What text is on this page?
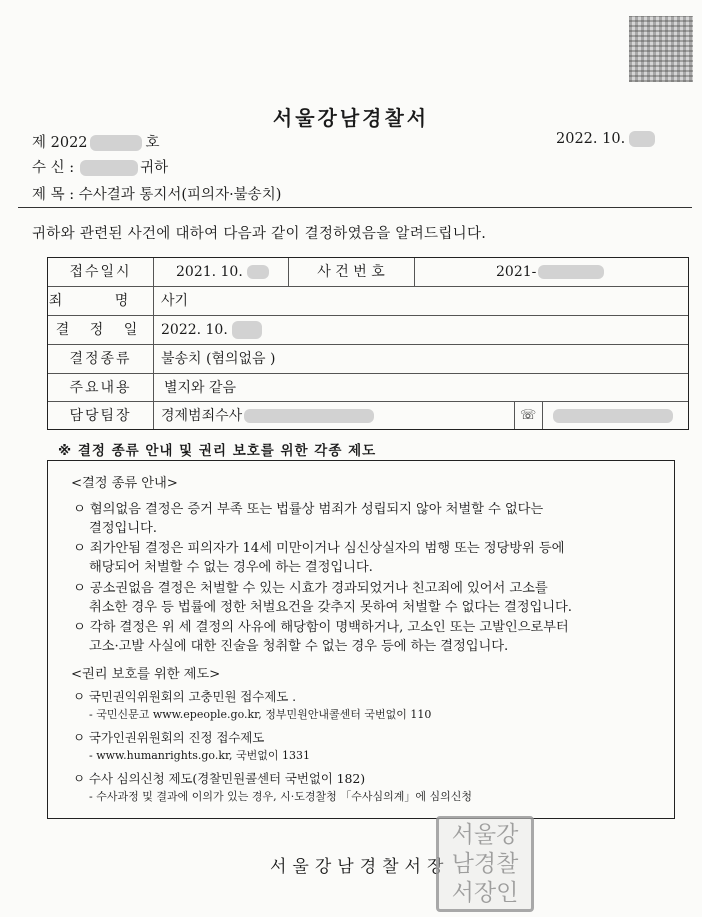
서울강남경찰서
제 2022	호	2022. 10.
수 신 :	귀하
제 목 : 수사결과 통지서(피의자·불송치)
귀하와 관련된 사건에 대하여 다음과 같이 결정하였음을 알려드립니다.
접수일시	2021. 10.	사 건 번 호	2021-
죄 명 사기
결 정 일	2022. 10.
결정종류	불송치 (혐의없음 )
주요내용	별지와 같음
담당팀장	경제범죄수사	☏
※ 결정 종류 안내 및 권리 보호를 위한 각종 제도
<결정 종류 안내>
ㅇ 혐의없음 결정은 증거 부족 또는 법률상 범죄가 성립되지 않아 처벌할 수 없다는
결정입니다.
ㅇ 죄가안됨 결정은 피의자가 14세 미만이거나 심신상실자의 범행 또는 정당방위 등에
해당되어 처벌할 수 없는 경우에 하는 결정입니다.
ㅇ 공소권없음 결정은 처벌할 수 있는 시효가 경과되었거나 친고죄에 있어서 고소를
취소한 경우 등 법률에 정한 처벌요건을 갖추지 못하여 처벌할 수 없다는 결정입니다.
ㅇ 각하 결정은 위 세 결정의 사유에 해당함이 명백하거나, 고소인 또는 고발인으로부터
고소·고발 사실에 대한 진술을 청취할 수 없는 경우 등에 하는 결정입니다.
<권리 보호를 위한 제도>
ㅇ 국민권익위원회의 고충민원 접수제도 .
- 국민신문고 www.epeople.go.kr, 정부민원안내콜센터 국번없이 110
ㅇ 국가인권위원회의 진정 접수제도
- www.humanrights.go.kr, 국번없이 1331
ㅇ 수사 심의신청 제도(경찰민원콜센터 국번없이 182)
- 수사과정 및 결과에 이의가 있는 경우, 시·도경찰청 「수사심의계」에 심의신청
서울강남경찰서장
서울강
남경찰
서장인
